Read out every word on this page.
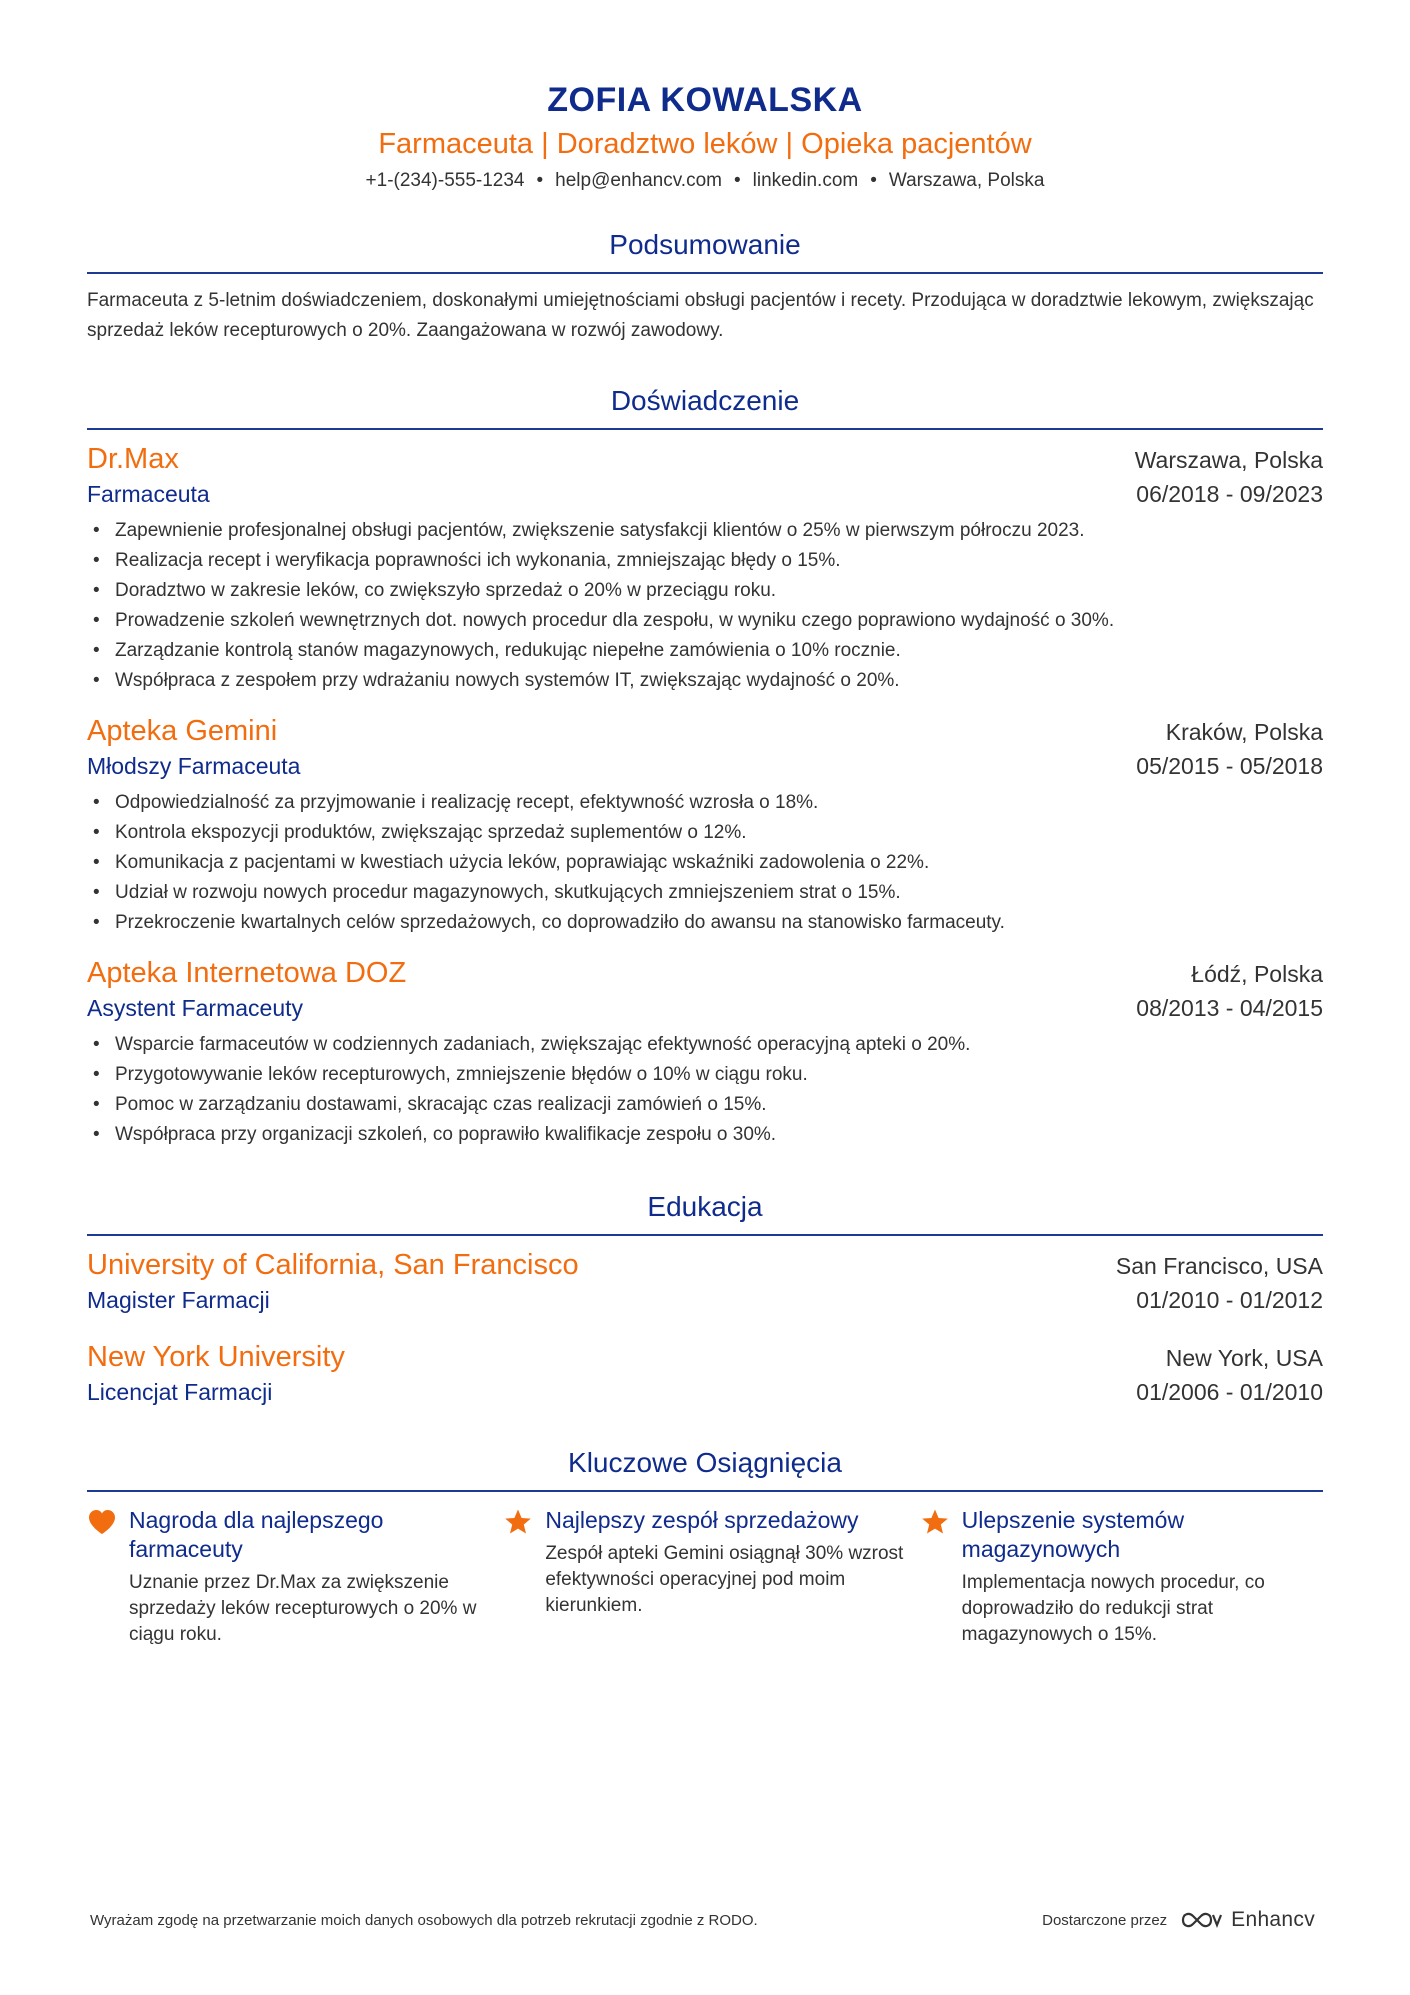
ZOFIA KOWALSKA
Farmaceuta | Doradztwo leków | Opieka pacjentów
+1-(234)-555-1234 • help@enhancv.com • linkedin.com • Warszawa, Polska
Podsumowanie
Farmaceuta z 5-letnim doświadczeniem, doskonałymi umiejętnościami obsługi pacjentów i recety. Przodująca w doradztwie lekowym, zwiększając sprzedaż leków recepturowych o 20%. Zaangażowana w rozwój zawodowy.
Doświadczenie
Dr.Max	Warszawa, Polska
Farmaceuta	06/2018 - 09/2023
• Zapewnienie profesjonalnej obsługi pacjentów, zwiększenie satysfakcji klientów o 25% w pierwszym półroczu 2023.
• Realizacja recept i weryfikacja poprawności ich wykonania, zmniejszając błędy o 15%.
• Doradztwo w zakresie leków, co zwiększyło sprzedaż o 20% w przeciągu roku.
• Prowadzenie szkoleń wewnętrznych dot. nowych procedur dla zespołu, w wyniku czego poprawiono wydajność o 30%.
• Zarządzanie kontrolą stanów magazynowych, redukując niepełne zamówienia o 10% rocznie.
• Współpraca z zespołem przy wdrażaniu nowych systemów IT, zwiększając wydajność o 20%.
Apteka Gemini	Kraków, Polska
Młodszy Farmaceuta	05/2015 - 05/2018
• Odpowiedzialność za przyjmowanie i realizację recept, efektywność wzrosła o 18%.
• Kontrola ekspozycji produktów, zwiększając sprzedaż suplementów o 12%.
• Komunikacja z pacjentami w kwestiach użycia leków, poprawiając wskaźniki zadowolenia o 22%.
• Udział w rozwoju nowych procedur magazynowych, skutkujących zmniejszeniem strat o 15%.
• Przekroczenie kwartalnych celów sprzedażowych, co doprowadziło do awansu na stanowisko farmaceuty.
Apteka Internetowa DOZ	Łódź, Polska
Asystent Farmaceuty	08/2013 - 04/2015
• Wsparcie farmaceutów w codziennych zadaniach, zwiększając efektywność operacyjną apteki o 20%.
• Przygotowywanie leków recepturowych, zmniejszenie błędów o 10% w ciągu roku.
• Pomoc w zarządzaniu dostawami, skracając czas realizacji zamówień o 15%.
• Współpraca przy organizacji szkoleń, co poprawiło kwalifikacje zespołu o 30%.
Edukacja
University of California, San Francisco	San Francisco, USA
Magister Farmacji	01/2010 - 01/2012
New York University	New York, USA
Licencjat Farmacji	01/2006 - 01/2010
Kluczowe Osiągnięcia
Nagroda dla najlepszego farmaceuty
Uznanie przez Dr.Max za zwiększenie sprzedaży leków recepturowych o 20% w ciągu roku.
Najlepszy zespół sprzedażowy
Zespół apteki Gemini osiągnął 30% wzrost efektywności operacyjnej pod moim kierunkiem.
Ulepszenie systemów magazynowych
Implementacja nowych procedur, co doprowadziło do redukcji strat magazynowych o 15%.
Wyrażam zgodę na przetwarzanie moich danych osobowych dla potrzeb rekrutacji zgodnie z RODO.	Dostarczone przez	Enhancv
